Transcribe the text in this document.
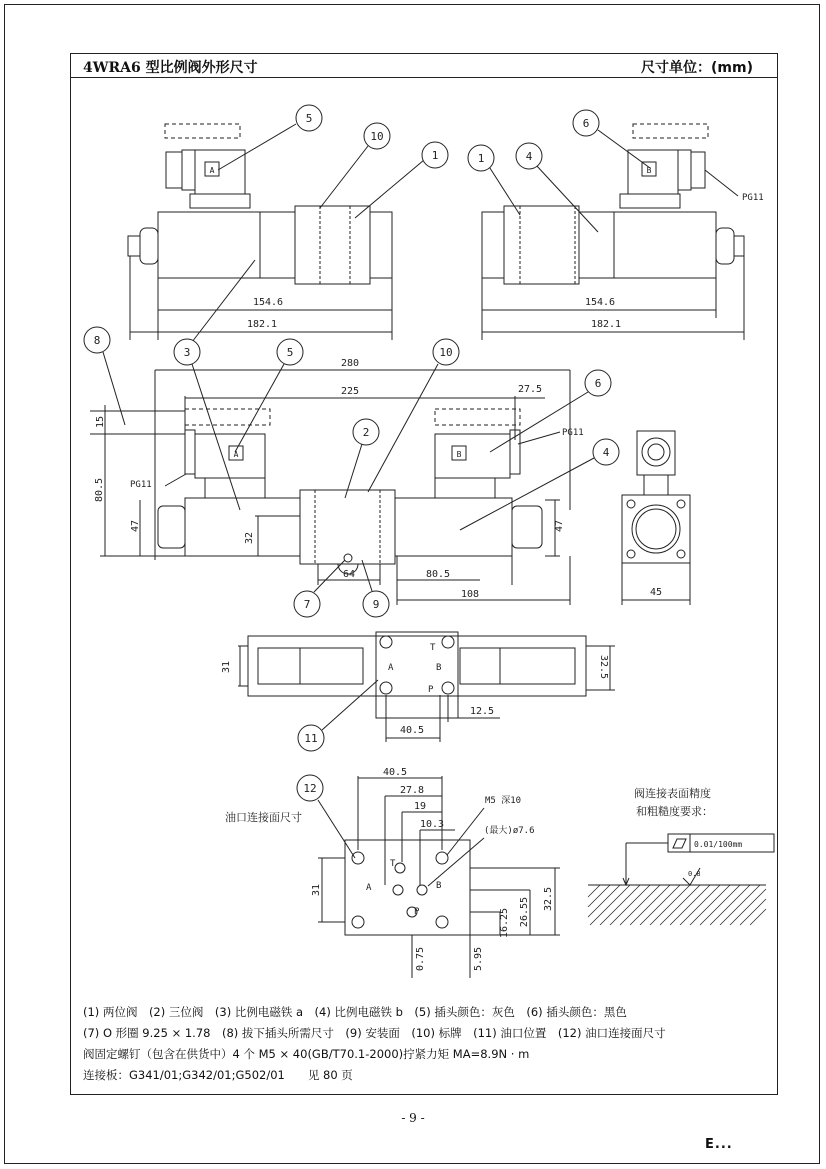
4WRA6 型比例阀外形尺寸	尺寸单位：(mm)
(1) 两位阀　(2) 三位阀　(3) 比例电磁铁 a　(4) 比例电磁铁 b　(5) 插头颜色：灰色　(6) 插头颜色：黑色
(7) O 形圈 9.25 × 1.78　(8) 拔下插头所需尺寸　(9) 安装面　(10) 标牌　(11) 油口位置　(12) 油口连接面尺寸
阀固定螺钉（包含在供货中）4 个 M5 × 40(GB/T70.1-2000)拧紧力矩 MA=8.9N · m
连接板：G341/01;G342/01;G502/01　　见 80 页
A
154.6
182.1
5
10
1
B
154.6
182.1
6
PG11
1	4
8
3	5	10
280
225	27.5
15
80.5
47
A
PG11
32
B
PG11
47
2
6
4
64	80.5
108
7	9
45
T
A	B
P
31	32.5
12.5
40.5
11
12
油口连接面尺寸
T
A	B
P
40.5
27.8
19
10.3
M5 深10
(最大)ø7.6
31
16.25 26.55 32.5
0.75	5.95
阀连接表面精度
和粗糙度要求：
0.01/100mm
0.8
- 9 -
E...
